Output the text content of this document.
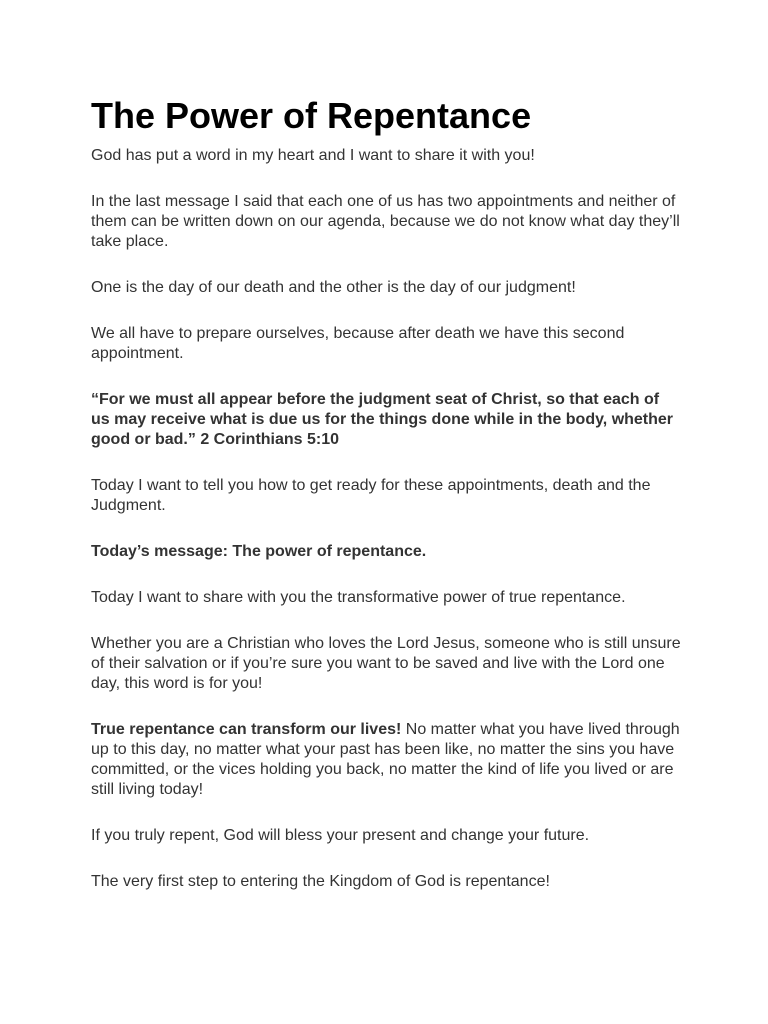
The Power of Repentance

God has put a word in my heart and I want to share it with you!

In the last message I said that each one of us has two appointments and neither of them can be written down on our agenda, because we do not know what day they’ll take place.

One is the day of our death and the other is the day of our judgment!

We all have to prepare ourselves, because after death we have this second appointment.

“For we must all appear before the judgment seat of Christ, so that each of us may receive what is due us for the things done while in the body, whether good or bad.” 2 Corinthians 5:10

Today I want to tell you how to get ready for these appointments, death and the Judgment.

Today’s message: The power of repentance.

Today I want to share with you the transformative power of true repentance.

Whether you are a Christian who loves the Lord Jesus, someone who is still unsure of their salvation or if you’re sure you want to be saved and live with the Lord one day, this word is for you!

True repentance can transform our lives! No matter what you have lived through up to this day, no matter what your past has been like, no matter the sins you have committed, or the vices holding you back, no matter the kind of life you lived or are still living today!

If you truly repent, God will bless your present and change your future.

The very first step to entering the Kingdom of God is repentance!
